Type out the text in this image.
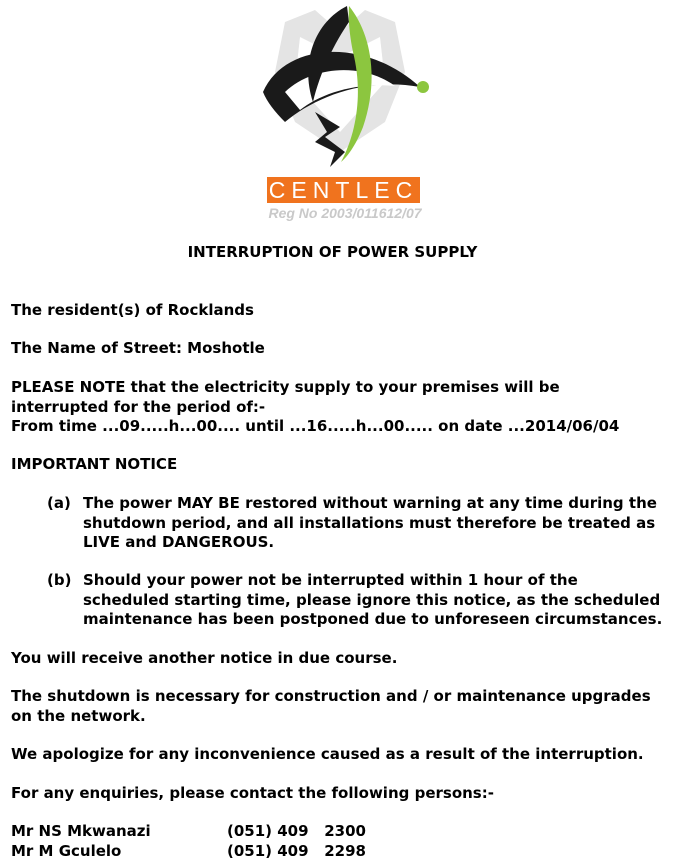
C E N T L E C
Reg No 2003/011612/07
INTERRUPTION OF POWER SUPPLY
The resident(s) of Rocklands
The Name of Street: Moshotle
PLEASE NOTE that the electricity supply to your premises will be interrupted for the period of:-
From time ...09.....h...00.... until ...16.....h...00..... on date ...2014/06/04
IMPORTANT NOTICE
(a) The power MAY BE restored without warning at any time during the shutdown period, and all installations must therefore be treated as LIVE and DANGEROUS.
(b) Should your power not be interrupted within 1 hour of the scheduled starting time, please ignore this notice, as the scheduled maintenance has been postponed due to unforeseen circumstances.
You will receive another notice in due course.
The shutdown is necessary for construction and / or maintenance upgrades on the network.
We apologize for any inconvenience caused as a result of the interruption.
For any enquiries, please contact the following persons:-
Mr NS Mkwanazi	(051) 409   2300
Mr M Gculelo	(051) 409   2298
